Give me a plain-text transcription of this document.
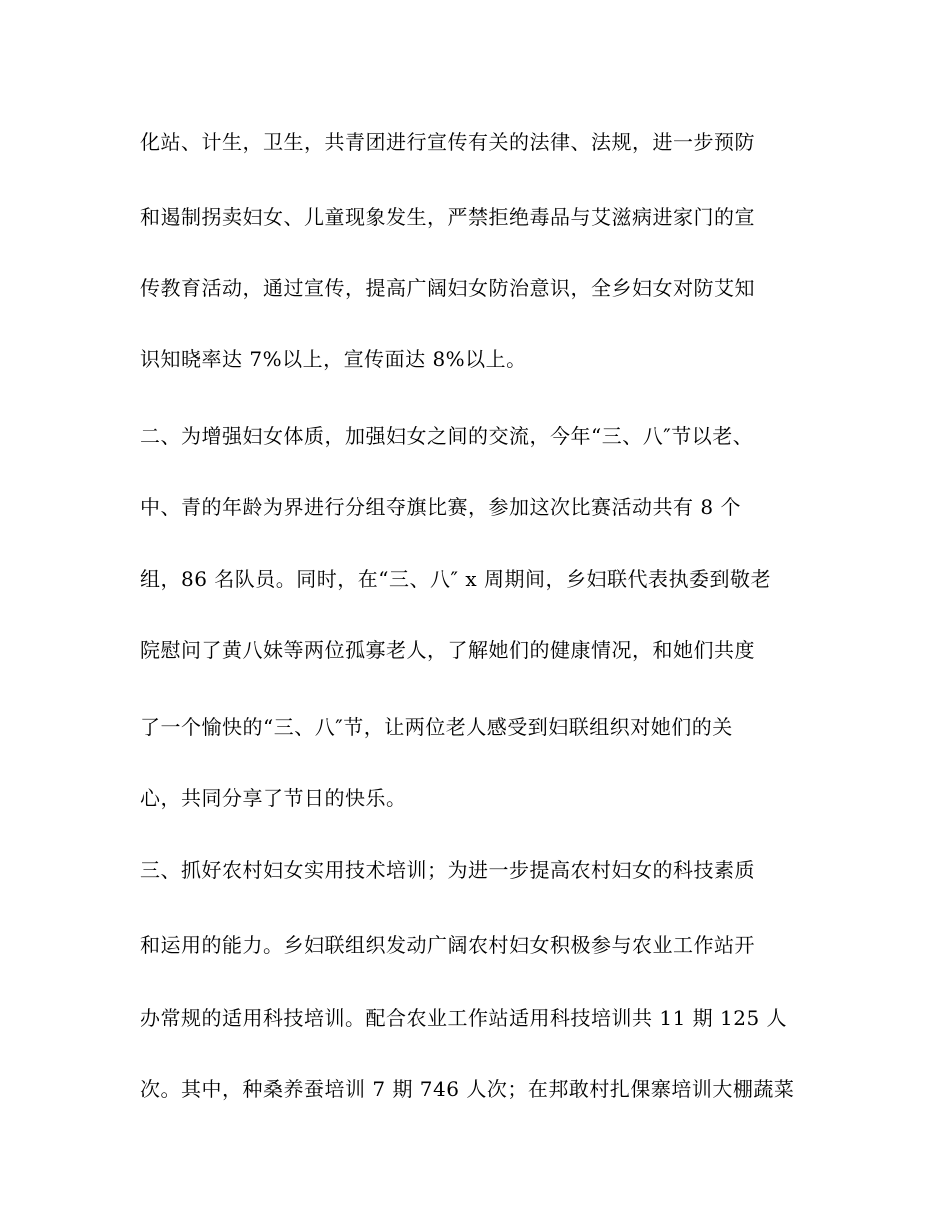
化站、计生，卫生，共青团进行宣传有关的法律、法规，进一步预防
和遏制拐卖妇女、儿童现象发生，严禁拒绝毒品与艾滋病进家门的宣
传教育活动，通过宣传，提高广阔妇女防治意识，全乡妇女对防艾知
识知晓率达 7%以上，宣传面达 8%以上。
二、为增强妇女体质，加强妇女之间的交流，今年“三、八″节以老、
中、青的年龄为界进行分组夺旗比赛，参加这次比赛活动共有 8 个
组，86 名队员。同时，在“三、八″ x 周期间，乡妇联代表执委到敬老
院慰问了黄八妹等两位孤寡老人，了解她们的健康情况，和她们共度
了一个愉快的“三、八″节，让两位老人感受到妇联组织对她们的关
心，共同分享了节日的快乐。
三、抓好农村妇女实用技术培训；为进一步提高农村妇女的科技素质
和运用的能力。乡妇联组织发动广阔农村妇女积极参与农业工作站开
办常规的适用科技培训。配合农业工作站适用科技培训共 11 期 125 人
次。其中，种桑养蚕培训 7 期 746 人次；在邦敢村扎倮寨培训大棚蔬菜
